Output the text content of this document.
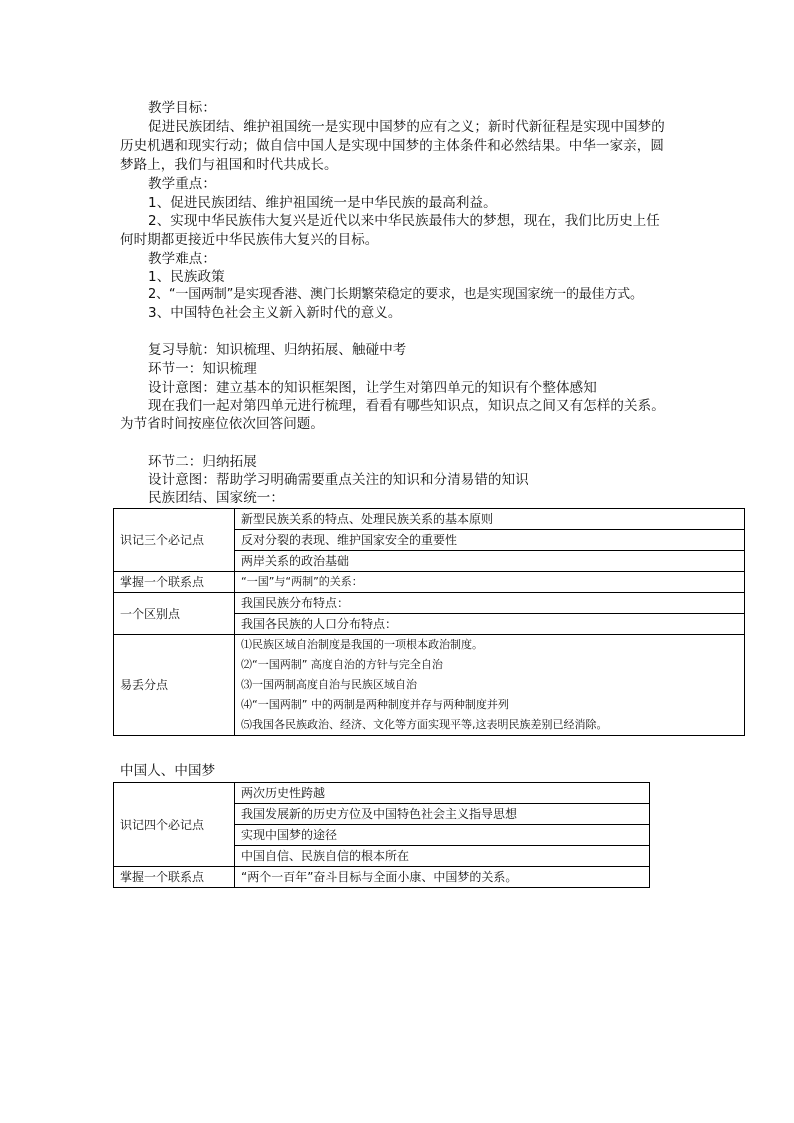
教学目标：
促进民族团结、维护祖国统一是实现中国梦的应有之义；新时代新征程是实现中国梦的
历史机遇和现实行动；做自信中国人是实现中国梦的主体条件和必然结果。中华一家亲，圆
梦路上，我们与祖国和时代共成长。
教学重点：
1、促进民族团结、维护祖国统一是中华民族的最高利益。
2、实现中华民族伟大复兴是近代以来中华民族最伟大的梦想，现在，我们比历史上任
何时期都更接近中华民族伟大复兴的目标。
教学难点：
1、民族政策
2、“一国两制”是实现香港、澳门长期繁荣稳定的要求，也是实现国家统一的最佳方式。
3、中国特色社会主义新入新时代的意义。
复习导航：知识梳理、归纳拓展、触碰中考
环节一：知识梳理
设计意图：建立基本的知识框架图，让学生对第四单元的知识有个整体感知
现在我们一起对第四单元进行梳理，看看有哪些知识点，知识点之间又有怎样的关系。
为节省时间按座位依次回答问题。
环节二：归纳拓展
设计意图：帮助学习明确需要重点关注的知识和分清易错的知识
民族团结、国家统一：
识记三个必记点	新型民族关系的特点、处理民族关系的基本原则
	反对分裂的表现、维护国家安全的重要性
	两岸关系的政治基础
掌握一个联系点	“一国”与“两制”的关系：
一个区别点	我国民族分布特点：
	我国各民族的人口分布特点：
易丢分点	⑴民族区域自治制度是我国的一项根本政治制度。
	⑵“一国两制” 高度自治的方针与完全自治
	⑶一国两制高度自治与民族区域自治
	⑷“一国两制” 中的两制是两种制度并存与两种制度并列
	⑸我国各民族政治、经济、文化等方面实现平等,这表明民族差别已经消除。
中国人、中国梦
识记四个必记点	两次历史性跨越
	我国发展新的历史方位及中国特色社会主义指导思想
	实现中国梦的途径
	中国自信、民族自信的根本所在
掌握一个联系点	“两个一百年”奋斗目标与全面小康、中国梦的关系。
